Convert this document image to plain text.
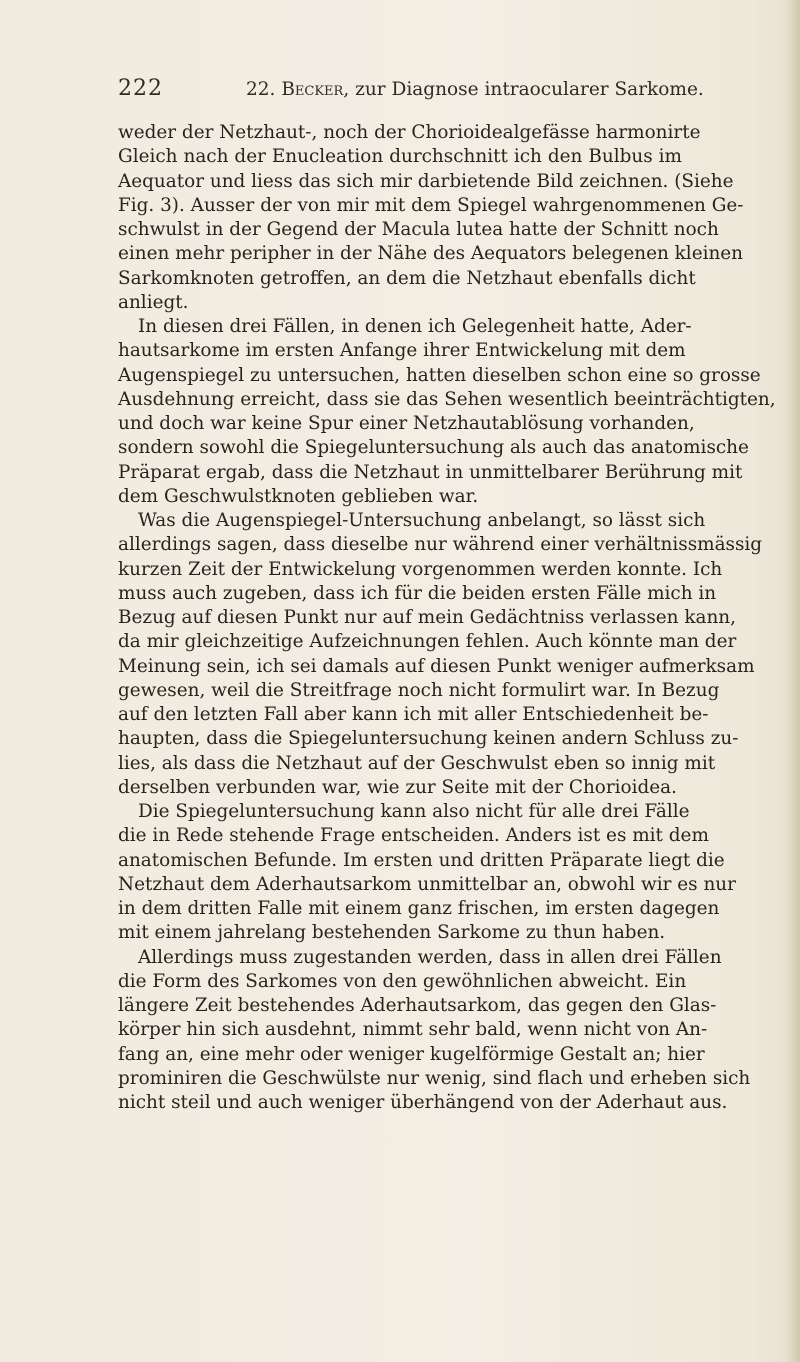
222	22. Becker, zur Diagnose intraocularer Sarkome.
weder der Netzhaut-, noch der Chorioidealgefässe harmonirte
Gleich nach der Enucleation durchschnitt ich den Bulbus im
Aequator und liess das sich mir darbietende Bild zeichnen. (Siehe
Fig. 3). Ausser der von mir mit dem Spiegel wahrgenommenen Ge-
schwulst in der Gegend der Macula lutea hatte der Schnitt noch
einen mehr peripher in der Nähe des Aequators belegenen kleinen
Sarkomknoten getroffen, an dem die Netzhaut ebenfalls dicht
anliegt.
In diesen drei Fällen, in denen ich Gelegenheit hatte, Ader-
hautsarkome im ersten Anfange ihrer Entwickelung mit dem
Augenspiegel zu untersuchen, hatten dieselben schon eine so grosse
Ausdehnung erreicht, dass sie das Sehen wesentlich beeinträchtigten,
und doch war keine Spur einer Netzhautablösung vorhanden,
sondern sowohl die Spiegeluntersuchung als auch das anatomische
Präparat ergab, dass die Netzhaut in unmittelbarer Berührung mit
dem Geschwulstknoten geblieben war.
Was die Augenspiegel-Untersuchung anbelangt, so lässt sich
allerdings sagen, dass dieselbe nur während einer verhältnissmässig
kurzen Zeit der Entwickelung vorgenommen werden konnte. Ich
muss auch zugeben, dass ich für die beiden ersten Fälle mich in
Bezug auf diesen Punkt nur auf mein Gedächtniss verlassen kann,
da mir gleichzeitige Aufzeichnungen fehlen. Auch könnte man der
Meinung sein, ich sei damals auf diesen Punkt weniger aufmerksam
gewesen, weil die Streitfrage noch nicht formulirt war. In Bezug
auf den letzten Fall aber kann ich mit aller Entschiedenheit be-
haupten, dass die Spiegeluntersuchung keinen andern Schluss zu-
lies, als dass die Netzhaut auf der Geschwulst eben so innig mit
derselben verbunden war, wie zur Seite mit der Chorioidea.
Die Spiegeluntersuchung kann also nicht für alle drei Fälle
die in Rede stehende Frage entscheiden. Anders ist es mit dem
anatomischen Befunde. Im ersten und dritten Präparate liegt die
Netzhaut dem Aderhautsarkom unmittelbar an, obwohl wir es nur
in dem dritten Falle mit einem ganz frischen, im ersten dagegen
mit einem jahrelang bestehenden Sarkome zu thun haben.
Allerdings muss zugestanden werden, dass in allen drei Fällen
die Form des Sarkomes von den gewöhnlichen abweicht. Ein
längere Zeit bestehendes Aderhautsarkom, das gegen den Glas-
körper hin sich ausdehnt, nimmt sehr bald, wenn nicht von An-
fang an, eine mehr oder weniger kugelförmige Gestalt an; hier
prominiren die Geschwülste nur wenig, sind flach und erheben sich
nicht steil und auch weniger überhängend von der Aderhaut aus.
